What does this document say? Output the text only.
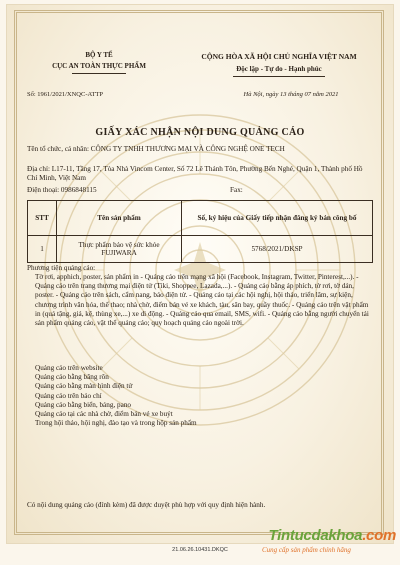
BỘ Y TẾ
CỤC AN TOÀN THỰC PHẨM
CỘNG HÒA XÃ HỘI CHỦ NGHĨA VIỆT NAM
Độc lập - Tự do - Hạnh phúc
Số: 1961/2021/XNQC-ATTP	Hà Nội, ngày 13 tháng 07 năm 2021
GIẤY XÁC NHẬN NỘI DUNG QUẢNG CÁO
Tên tổ chức, cá nhân: CÔNG TY TNHH THƯƠNG MẠI VÀ CÔNG NGHỆ ONE TECH
Địa chỉ: L17-11, Tầng 17, Tòa Nhà Vincom Center, Số 72 Lê Thánh Tôn, Phường Bến Nghé, Quận 1, Thành phố Hồ Chí Minh, Việt Nam
Điện thoại: 0986848115	Fax:
STT	Tên sản phẩm	Số, ký hiệu của Giấy tiếp nhận đăng ký bản công bố
1	Thực phẩm bảo vệ sức khỏe FUJIWARA	5768/2021/DKSP
Phương tiện quảng cáo:

Tờ rơi, apphich, poster, sản phẩm in - Quảng cáo trên mạng xã hội (Facebook, Instagram, Twitter, Pinterest,...). - Quảng cáo trên trang thương mại điện tử (Tiki, Shoppee, Lazada,...). - Quảng cáo bằng áp phích, tờ rơi, tờ dán, poster. - Quảng cáo trên sách, cẩm nang, báo điện tử. - Quảng cáo tại các hội nghị, hội thảo, triển lãm, sự kiện, chương trình văn hóa, thể thao; nhà chờ, điểm bán vé xe khách, tàu, sân bay, quầy thuốc. - Quảng cáo trên vật phẩm in (quả tặng, giá, kệ, thùng xe,...) xe di động. - Quảng cáo qua email, SMS, wifi. - Quảng cáo bằng người chuyển tải sản phẩm quảng cáo, vật thể quảng cáo; quy hoạch quảng cáo ngoài trời.

Quảng cáo trên website
Quảng cáo bằng băng rôn
Quảng cáo bằng màn hình điện tử
Quảng cáo trên báo chí
Quảng cáo bằng biển, bảng, pano
Quảng cáo tại các nhà chờ, điểm bán vé xe buýt
Trong hội thảo, hội nghị, đào tạo và trong hộp sản phẩm
Có nội dung quảng cáo (đính kèm) đã được duyệt phù hợp với quy định hiện hành.
Tintucdakhoa.com
21.06.26.10431.DKQC	Cung cấp sản phẩm chính hãng
